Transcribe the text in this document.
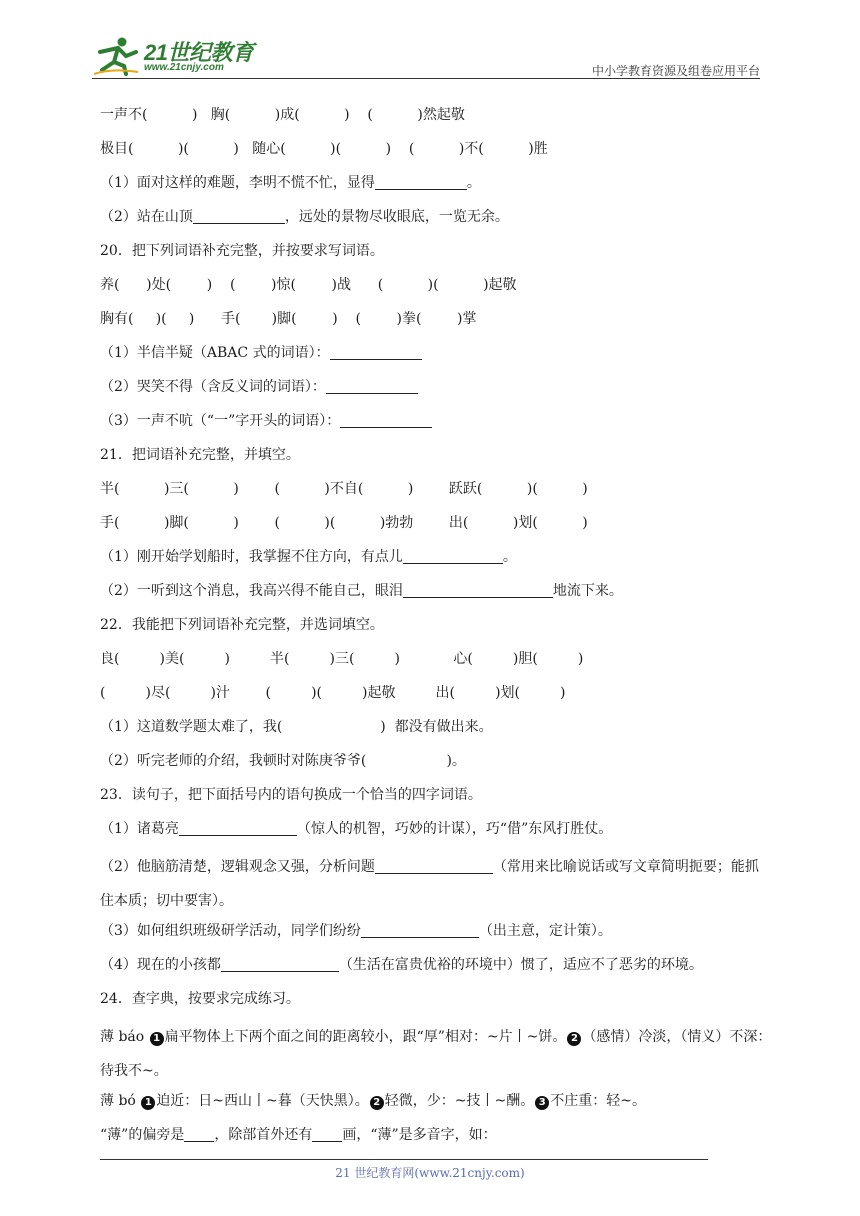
21世纪教育
www.21cnjy.com	中小学教育资源及组卷应用平台
一声不(          )   胸(          )成(          )    (          )然起敬
极目(          )(          )   随心(          )(          )    (          )不(          )胜
（1）面对这样的难题，李明不慌不忙，显得	。
（2）站在山顶	，远处的景物尽收眼底，一览无余。
20．把下列词语补充完整，并按要求写词语。
养(      )处(        )    (        )惊(        )战      (          )(          )起敬
胸有(     )(     )      手(       )脚(        )    (        )拳(        )掌
（1）半信半疑（ABAC 式的词语）：
（2）哭笑不得（含反义词的词语）：
（3）一声不吭（“一”字开头的词语）：
21．把词语补充完整，并填空。
半(          )三(          )        (          )不自(          )        跃跃(          )(          )
手(          )脚(          )        (          )(          )勃勃        出(          )划(          )
（1）刚开始学划船时，我掌握不住方向，有点儿	。
（2）一听到这个消息，我高兴得不能自己，眼泪	地流下来。
22．我能把下列词语补充完整，并选词填空。
良(         )美(         )         半(         )三(         )            心(         )胆(         )
(         )尽(         )汁        (         )(         )起敬         出(         )划(         )
（1）这道数学题太难了，我(                      )  都没有做出来。
（2）听完老师的介绍，我顿时对陈庚爷爷(                  )。
23．读句子，把下面括号内的语句换成一个恰当的四字词语。
（1）诸葛亮	（惊人的机智，巧妙的计谋），巧“借”东风打胜仗。
（2）他脑筋清楚，逻辑观念又强，分析问题	（常用来比喻说话或写文章简明扼要；能抓住本质；切中要害）。
（3）如何组织班级研学活动，同学们纷纷	（出主意，定计策）。
（4）现在的小孩都	（生活在富贵优裕的环境中）惯了，适应不了恶劣的环境。
24．查字典，按要求完成练习。
薄 báo 1 扁平物体上下两个面之间的距离较小，跟“厚”相对：~片丨~饼。 2 （感情）冷淡，（情义）不深：待我不~。
薄 bó 1 迫近：日~西山丨~暮（天快黑）。 2 轻微，少：~技丨~酬。 3 不庄重：轻~。
“薄”的偏旁是 ，除部首外还有 画，“薄”是多音字，如：
21 世纪教育网(www.21cnjy.com)
